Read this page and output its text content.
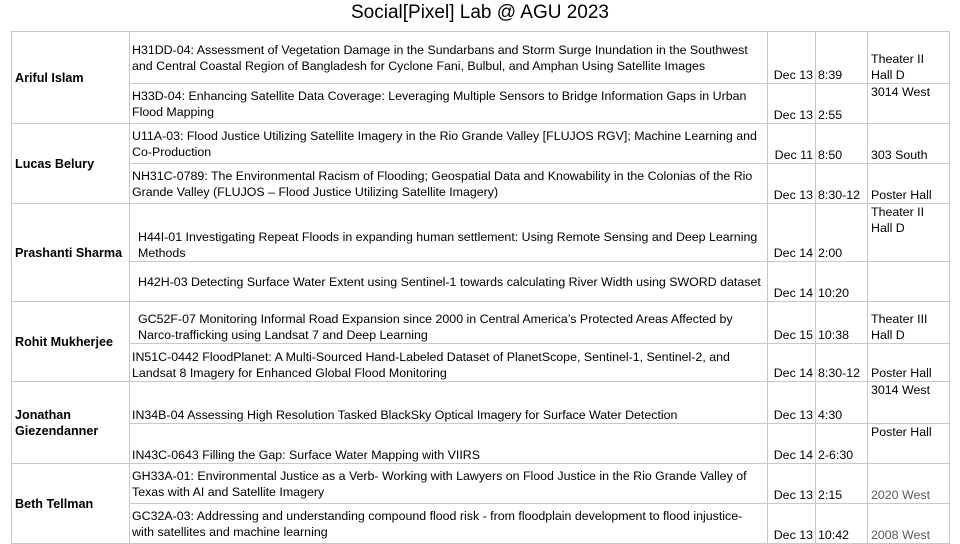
Social[Pixel] Lab @ AGU 2023
Ariful Islam	H31DD-04: Assessment of Vegetation Damage in the Sundarbans and Storm Surge Inundation in the Southwest and Central Coastal Region of Bangladesh for Cyclone Fani, Bulbul, and Amphan Using Satellite Images	Dec 13	8:39	Theater II Hall D
	H33D-04: Enhancing Satellite Data Coverage: Leveraging Multiple Sensors to Bridge Information Gaps in Urban Flood Mapping	Dec 13	2:55	3014 West
Lucas Belury	U11A-03: Flood Justice Utilizing Satellite Imagery in the Rio Grande Valley [FLUJOS RGV]; Machine Learning and Co-Production	Dec 11	8:50	303 South
	NH31C-0789: The Environmental Racism of Flooding; Geospatial Data and Knowability in the Colonias of the Rio Grande Valley (FLUJOS – Flood Justice Utilizing Satellite Imagery)	Dec 13	8:30-12	Poster Hall
Prashanti Sharma	H44I-01 Investigating Repeat Floods in expanding human settlement: Using Remote Sensing and Deep Learning Methods	Dec 14	2:00	Theater II Hall D
	H42H-03 Detecting Surface Water Extent using Sentinel-1 towards calculating River Width using SWORD dataset	Dec 14	10:20	
Rohit Mukherjee	GC52F-07 Monitoring Informal Road Expansion since 2000 in Central America’s Protected Areas Affected by Narco-trafficking using Landsat 7 and Deep Learning	Dec 15	10:38	Theater III Hall D
	IN51C-0442 FloodPlanet: A Multi-Sourced Hand-Labeled Dataset of PlanetScope, Sentinel-1, Sentinel-2, and Landsat 8 Imagery for Enhanced Global Flood Monitoring	Dec 14	8:30-12	Poster Hall
Jonathan Giezendanner	IN34B-04 Assessing High Resolution Tasked BlackSky Optical Imagery for Surface Water Detection	Dec 13	4:30	3014 West
	IN43C-0643 Filling the Gap: Surface Water Mapping with VIIRS	Dec 14	2-6:30	Poster Hall
Beth Tellman	GH33A-01: Environmental Justice as a Verb- Working with Lawyers on Flood Justice in the Rio Grande Valley of Texas with AI and Satellite Imagery	Dec 13	2:15	2020 West
	GC32A-03: Addressing and understanding compound flood risk - from floodplain development to flood injustice- with satellites and machine learning	Dec 13	10:42	2008 West
